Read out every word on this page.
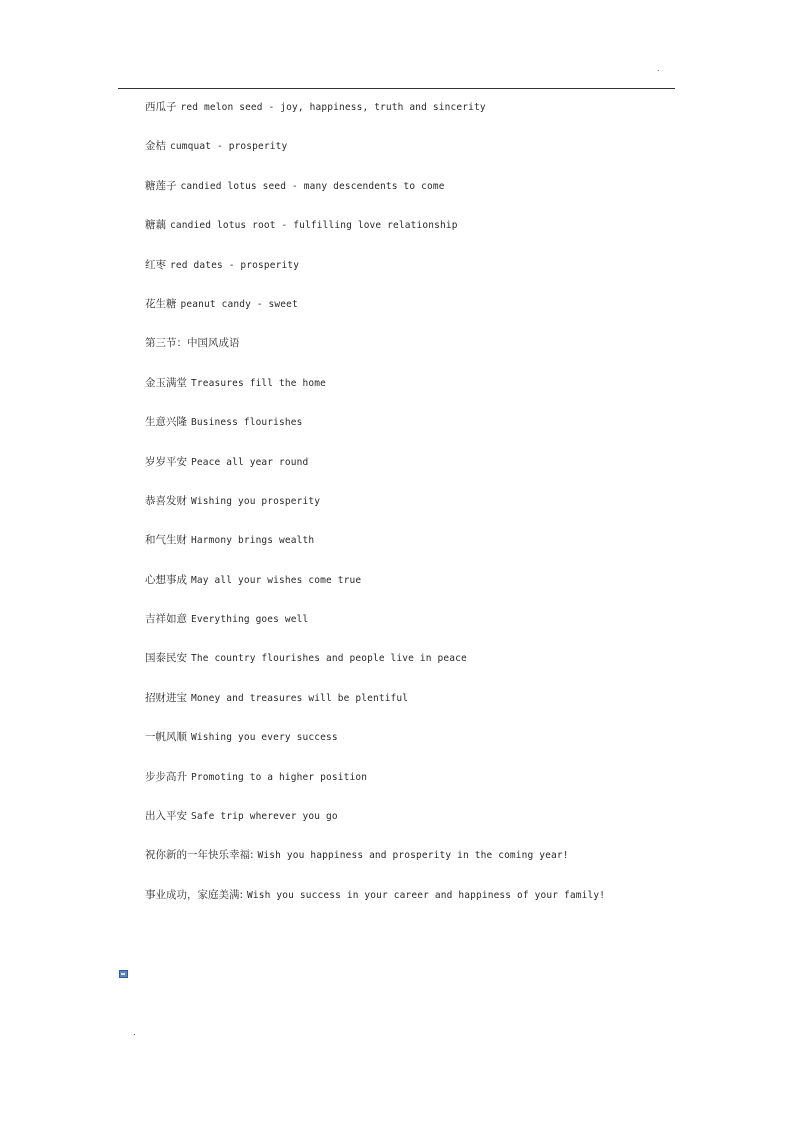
.
西瓜子 red melon seed - joy, happiness, truth and sincerity
金桔 cumquat - prosperity
糖莲子 candied lotus seed - many descendents to come
糖藕 candied lotus root - fulfilling love relationship
红枣 red dates - prosperity
花生糖 peanut candy - sweet
第三节：中国风成语
金玉满堂 Treasures fill the home
生意兴隆 Business flourishes
岁岁平安 Peace all year round
恭喜发财 Wishing you prosperity
和气生财 Harmony brings wealth
心想事成 May all your wishes come true
吉祥如意 Everything goes well
国泰民安 The country flourishes and people live in peace
招财进宝 Money and treasures will be plentiful
一帆风顺 Wishing you every success
步步高升 Promoting to a higher position
出入平安 Safe trip wherever you go
祝你新的一年快乐幸福: Wish you happiness and prosperity in the coming year!
事业成功，家庭美满: Wish you success in your career and happiness of your family!
.
